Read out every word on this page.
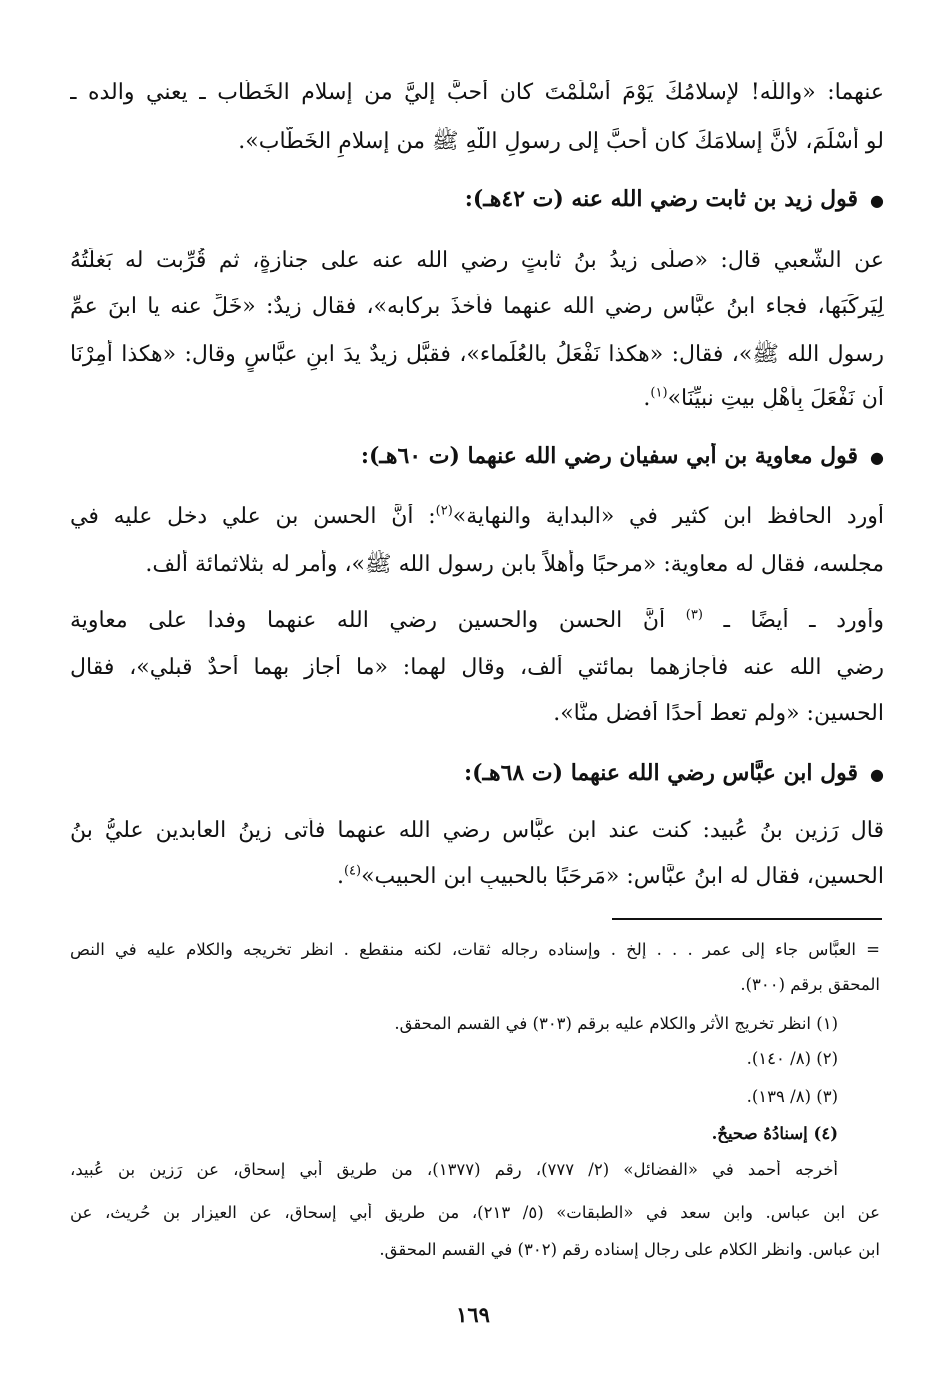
عنهما: «واللّه! لإِسلامُكَ يَوْمَ أَسْلَمْتَ كان أَحبَّ إليَّ من إسلامِ الخَطَّاب ـ يعني والده ـ
لو أَسْلَمَ، لأنَّ إسلامَكَ كان أَحبَّ إلى رسولِ اللّهِ ﷺ من إسلامِ الخَطَّاب».
●قول زيد بن ثابت رضي الله عنه (ت ٤٢هـ):
عن الشَّعبي قال: «صلَّى زيدُ بنُ ثابتٍ رضي الله عنه على جنازةٍ، ثم قُرِّبت له بَغلَتُهُ
لِيَركَبَها، فجاء ابنُ عبَّاس رضي الله عنهما فأَخذَ بركابه»، فقال زيدٌ: «خَلِّ عنه يا ابنَ عمِّ
رسول الله ﷺ»، فقال: «هكذا نَفْعَلُ بالعُلَماء»، فقبَّل زيدٌ يدَ ابنِ عبَّاسٍ وقال: «هكذا أُمِرْنَا
أن نَفْعَلَ بِأَهْلِ بيتِ نبيِّنَا»$^{(١)}$.
●قول معاوية بن أبي سفيان رضي الله عنهما (ت ٦٠هـ):
أورد الحافظ ابن كثير في «البداية والنهاية»$^{(٢)}$: أَنَّ الحسن بن علي دخل عليه في
مجلسه، فقال له معاوية: «مرحبًا وأهلاً بابن رسول الله ﷺ»، وأمر له بثلاثمائة ألف.
وأورد ـ أيضًا ـ $^{(٣)}$ أنَّ الحسن والحسين رضي الله عنهما وفدا على معاوية
رضي الله عنه فأجازهما بمائتي ألف، وقال لهما: «ما أجاز بهما أحدٌ قبلي»، فقال
الحسين: «ولم تعط أحدًا أفضل منَّا».
●قول ابن عبَّاس رضي الله عنهما (ت ٦٨هـ):
قال رَزِين بنُ عُبيد: كنت عند ابنِ عبَّاس رضي الله عنهما فأتى زينُ العابدين عليُّ بنُ
الحسين، فقال له ابنُ عبَّاسٍ: «مَرحَبًا بالحبيبِ ابنِ الحبيب»$^{(٤)}$.
= العبَّاس جاء إلى عمر . . . إلخ . وإسناده رجاله ثقات، لكنه منقطع . انظر تخريجه والكلام عليه في النص
المحقق برقم (٣٠٠).
(١) انظر تخريج الأثر والكلام عليه برقم (٣٠٣) في القسم المحقق.
(٢) (٨/ ١٤٠).
(٣) (٨/ ١٣٩).
(٤) إسنادُهُ صحيحٌ.
أخرجه أحمد في «الفضائل» (٢/ ٧٧٧)، رقم (١٣٧٧)، من طريق أبي إسحاق، عن رَزين بن عُبيد،
عن ابن عباس. وابن سعد في «الطبقات» (٥/ ٢١٣)، من طريق أبي إسحاق، عن العيزار بن حُريث، عن
ابن عباس. وانظر الكلام على رجال إسناده رقم (٣٠٢) في القسم المحقق.
١٦٩
